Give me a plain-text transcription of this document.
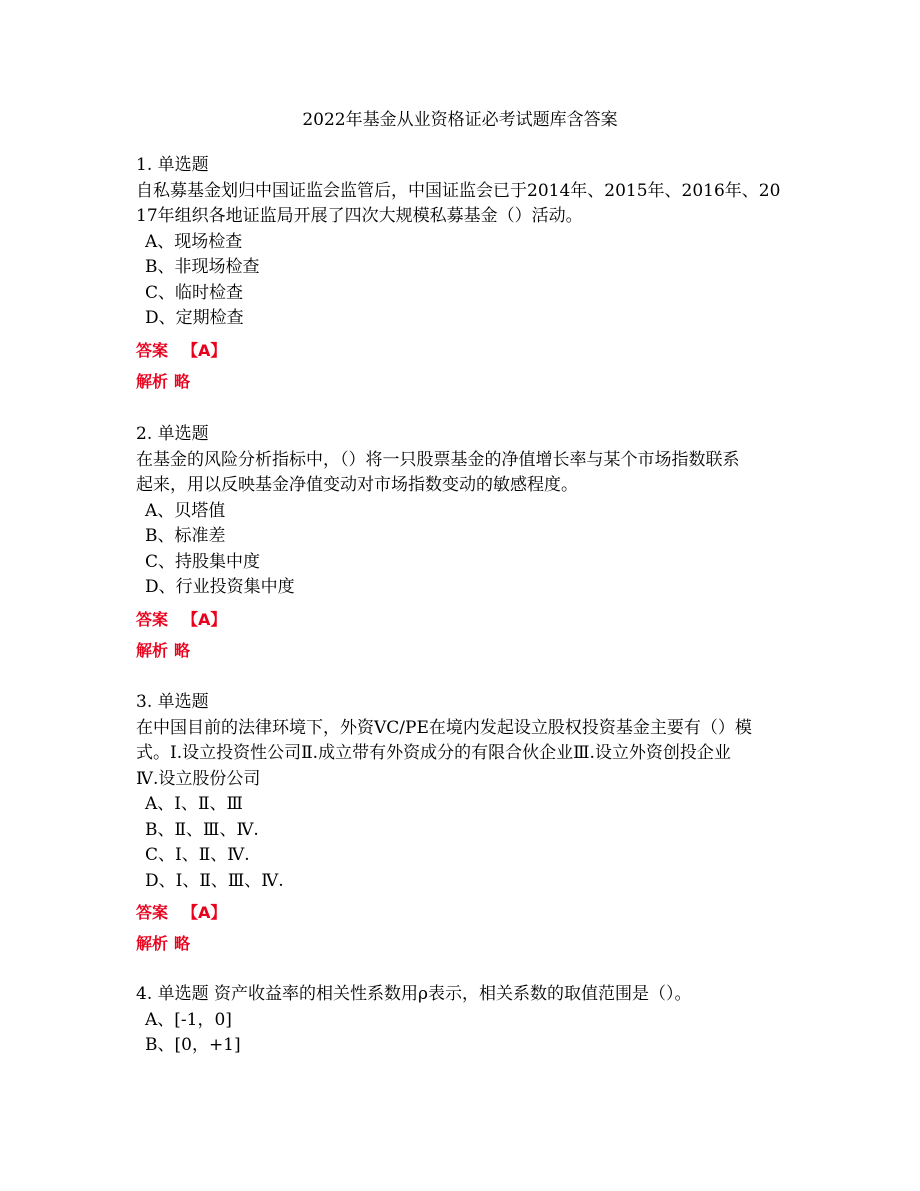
2022年基金从业资格证必考试题库含答案

1. 单选题

自私募基金划归中国证监会监管后，中国证监会已于2014年、2015年、2016年、20

17年组织各地证监局开展了四次大规模私募基金（）活动。

A、现场检查

B、非现场检查

C、临时检查

D、定期检查

答案 【A】
解析 略

2. 单选题

在基金的风险分析指标中，（）将一只股票基金的净值增长率与某个市场指数联系

起来，用以反映基金净值变动对市场指数变动的敏感程度。

A、贝塔值

B、标准差

C、持股集中度

D、行业投资集中度

答案 【A】
解析 略

3. 单选题

在中国目前的法律环境下，外资VC/PE在境内发起设立股权投资基金主要有（）模

式。Ⅰ.设立投资性公司Ⅱ.成立带有外资成分的有限合伙企业Ⅲ.设立外资创投企业

Ⅳ.设立股份公司

A、Ⅰ、Ⅱ、Ⅲ

B、Ⅱ、Ⅲ、Ⅳ.

C、Ⅰ、Ⅱ、Ⅳ.

D、Ⅰ、Ⅱ、Ⅲ、Ⅳ.

答案 【A】
解析 略

4. 单选题 资产收益率的相关性系数用ρ表示，相关系数的取值范围是（）。

A、[-1，0]

B、[0，+1]
